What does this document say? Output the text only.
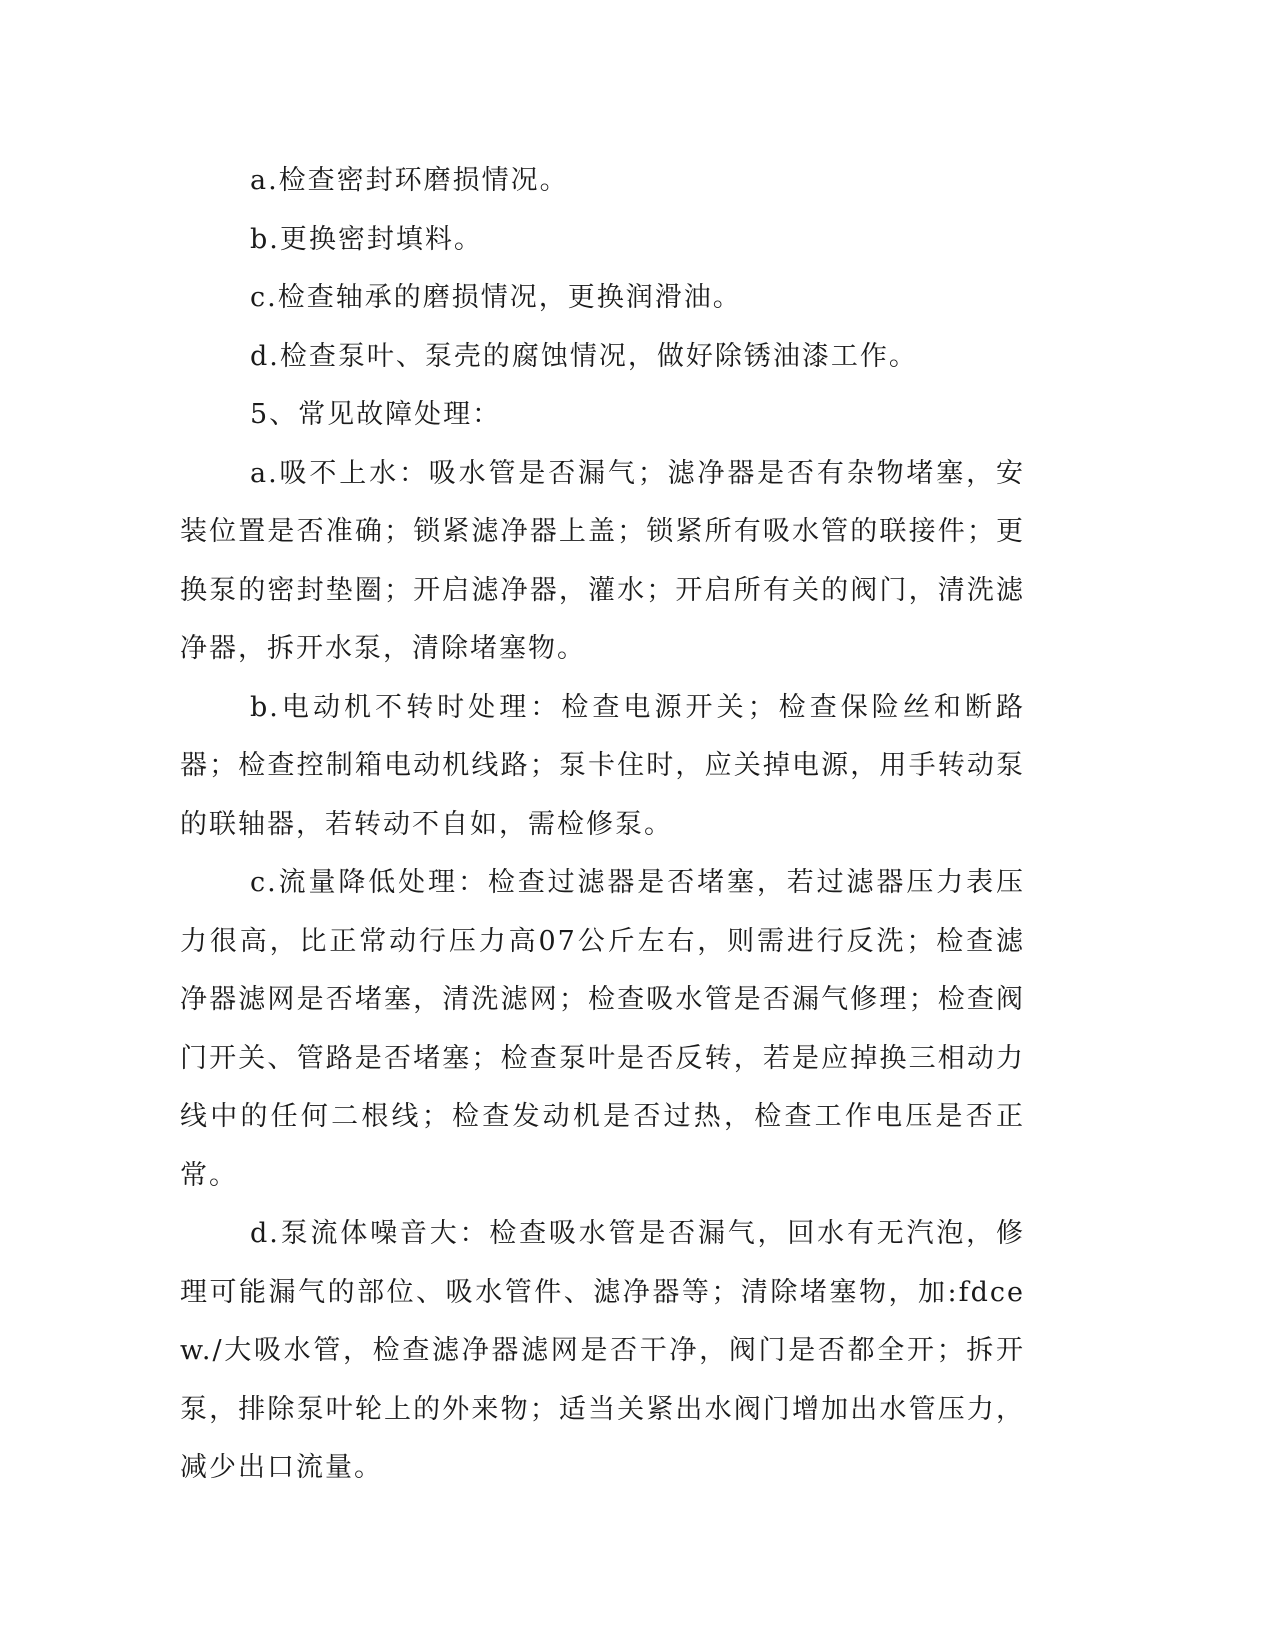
a.检查密封环磨损情况。

b.更换密封填料。

c.检查轴承的磨损情况，更换润滑油。

d.检查泵叶、泵壳的腐蚀情况，做好除锈油漆工作。

5、常见故障处理：

a.吸不上水：吸水管是否漏气；滤净器是否有杂物堵塞，安装位置是否准确；锁紧滤净器上盖；锁紧所有吸水管的联接件；更换泵的密封垫圈；开启滤净器，灌水；开启所有关的阀门，清洗滤净器，拆开水泵，清除堵塞物。

b.电动机不转时处理：检查电源开关；检查保险丝和断路器；检查控制箱电动机线路；泵卡住时，应关掉电源，用手转动泵的联轴器，若转动不自如，需检修泵。

c.流量降低处理：检查过滤器是否堵塞，若过滤器压力表压力很高，比正常动行压力高07公斤左右，则需进行反洗；检查滤净器滤网是否堵塞，清洗滤网；检查吸水管是否漏气修理；检查阀门开关、管路是否堵塞；检查泵叶是否反转，若是应掉换三相动力线中的任何二根线；检查发动机是否过热，检查工作电压是否正常。

d.泵流体噪音大：检查吸水管是否漏气，回水有无汽泡，修理可能漏气的部位、吸水管件、滤净器等；清除堵塞物，加:fdcew./大吸水管，检查滤净器滤网是否干净，阀门是否都全开；拆开泵，排除泵叶轮上的外来物；适当关紧出水阀门增加出水管压力，减少出口流量。
